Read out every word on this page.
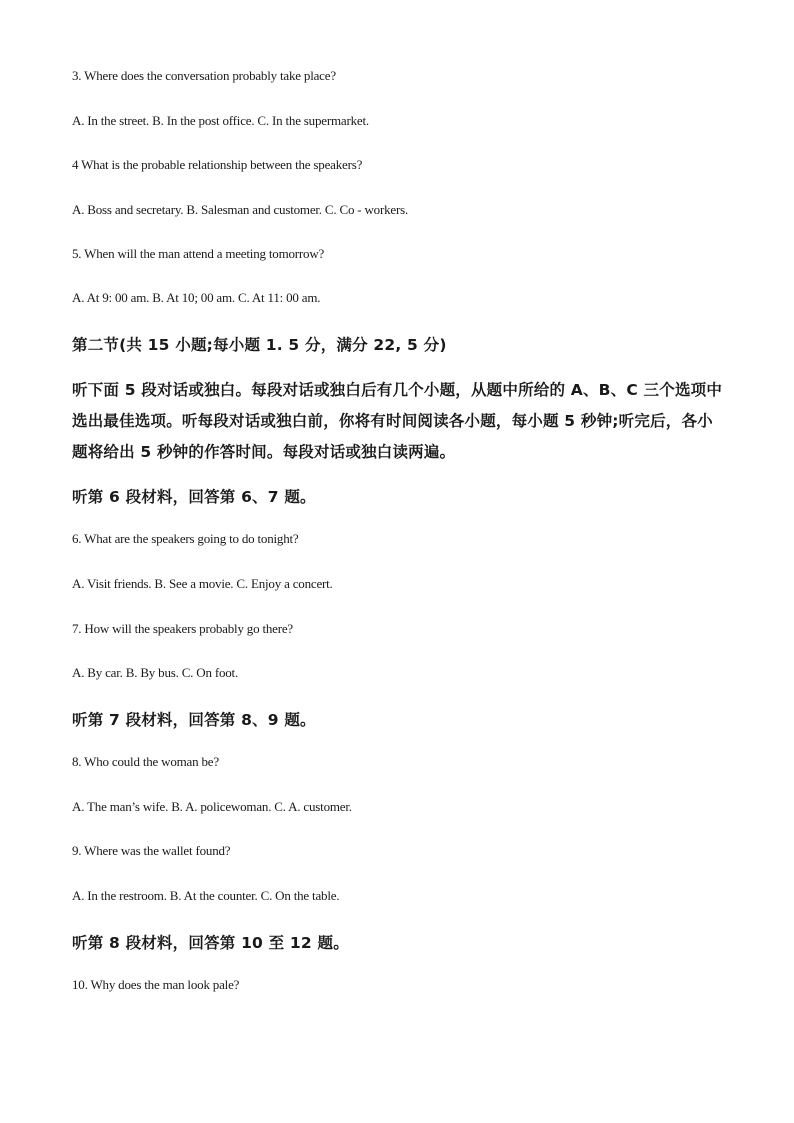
3. Where does the conversation probably take place?
A. In the street. B. In the post office. C. In the supermarket.
4 What is the probable relationship between the speakers?
A. Boss and secretary. B. Salesman and customer. C. Co - workers.
5. When will the man attend a meeting tomorrow?
A. At 9: 00 am. B. At 10; 00 am. C. At 11: 00 am.
第二节(共 15 小题;每小题 1. 5 分，满分 22, 5 分)
听下面 5 段对话或独白。每段对话或独白后有几个小题，从题中所给的 A、B、C 三个选项中
选出最佳选项。听每段对话或独白前，你将有时间阅读各小题，每小题 5 秒钟;听完后，各小
题将给出 5 秒钟的作答时间。每段对话或独白读两遍。
听第 6 段材料，回答第 6、7 题。
6. What are the speakers going to do tonight?
A. Visit friends. B. See a movie. C. Enjoy a concert.
7. How will the speakers probably go there?
A. By car. B. By bus. C. On foot.
听第 7 段材料，回答第 8、9 题。
8. Who could the woman be?
A. The man’s wife. B. A. policewoman. C. A. customer.
9. Where was the wallet found?
A. In the restroom. B. At the counter. C. On the table.
听第 8 段材料，回答第 10 至 12 题。
10. Why does the man look pale?
